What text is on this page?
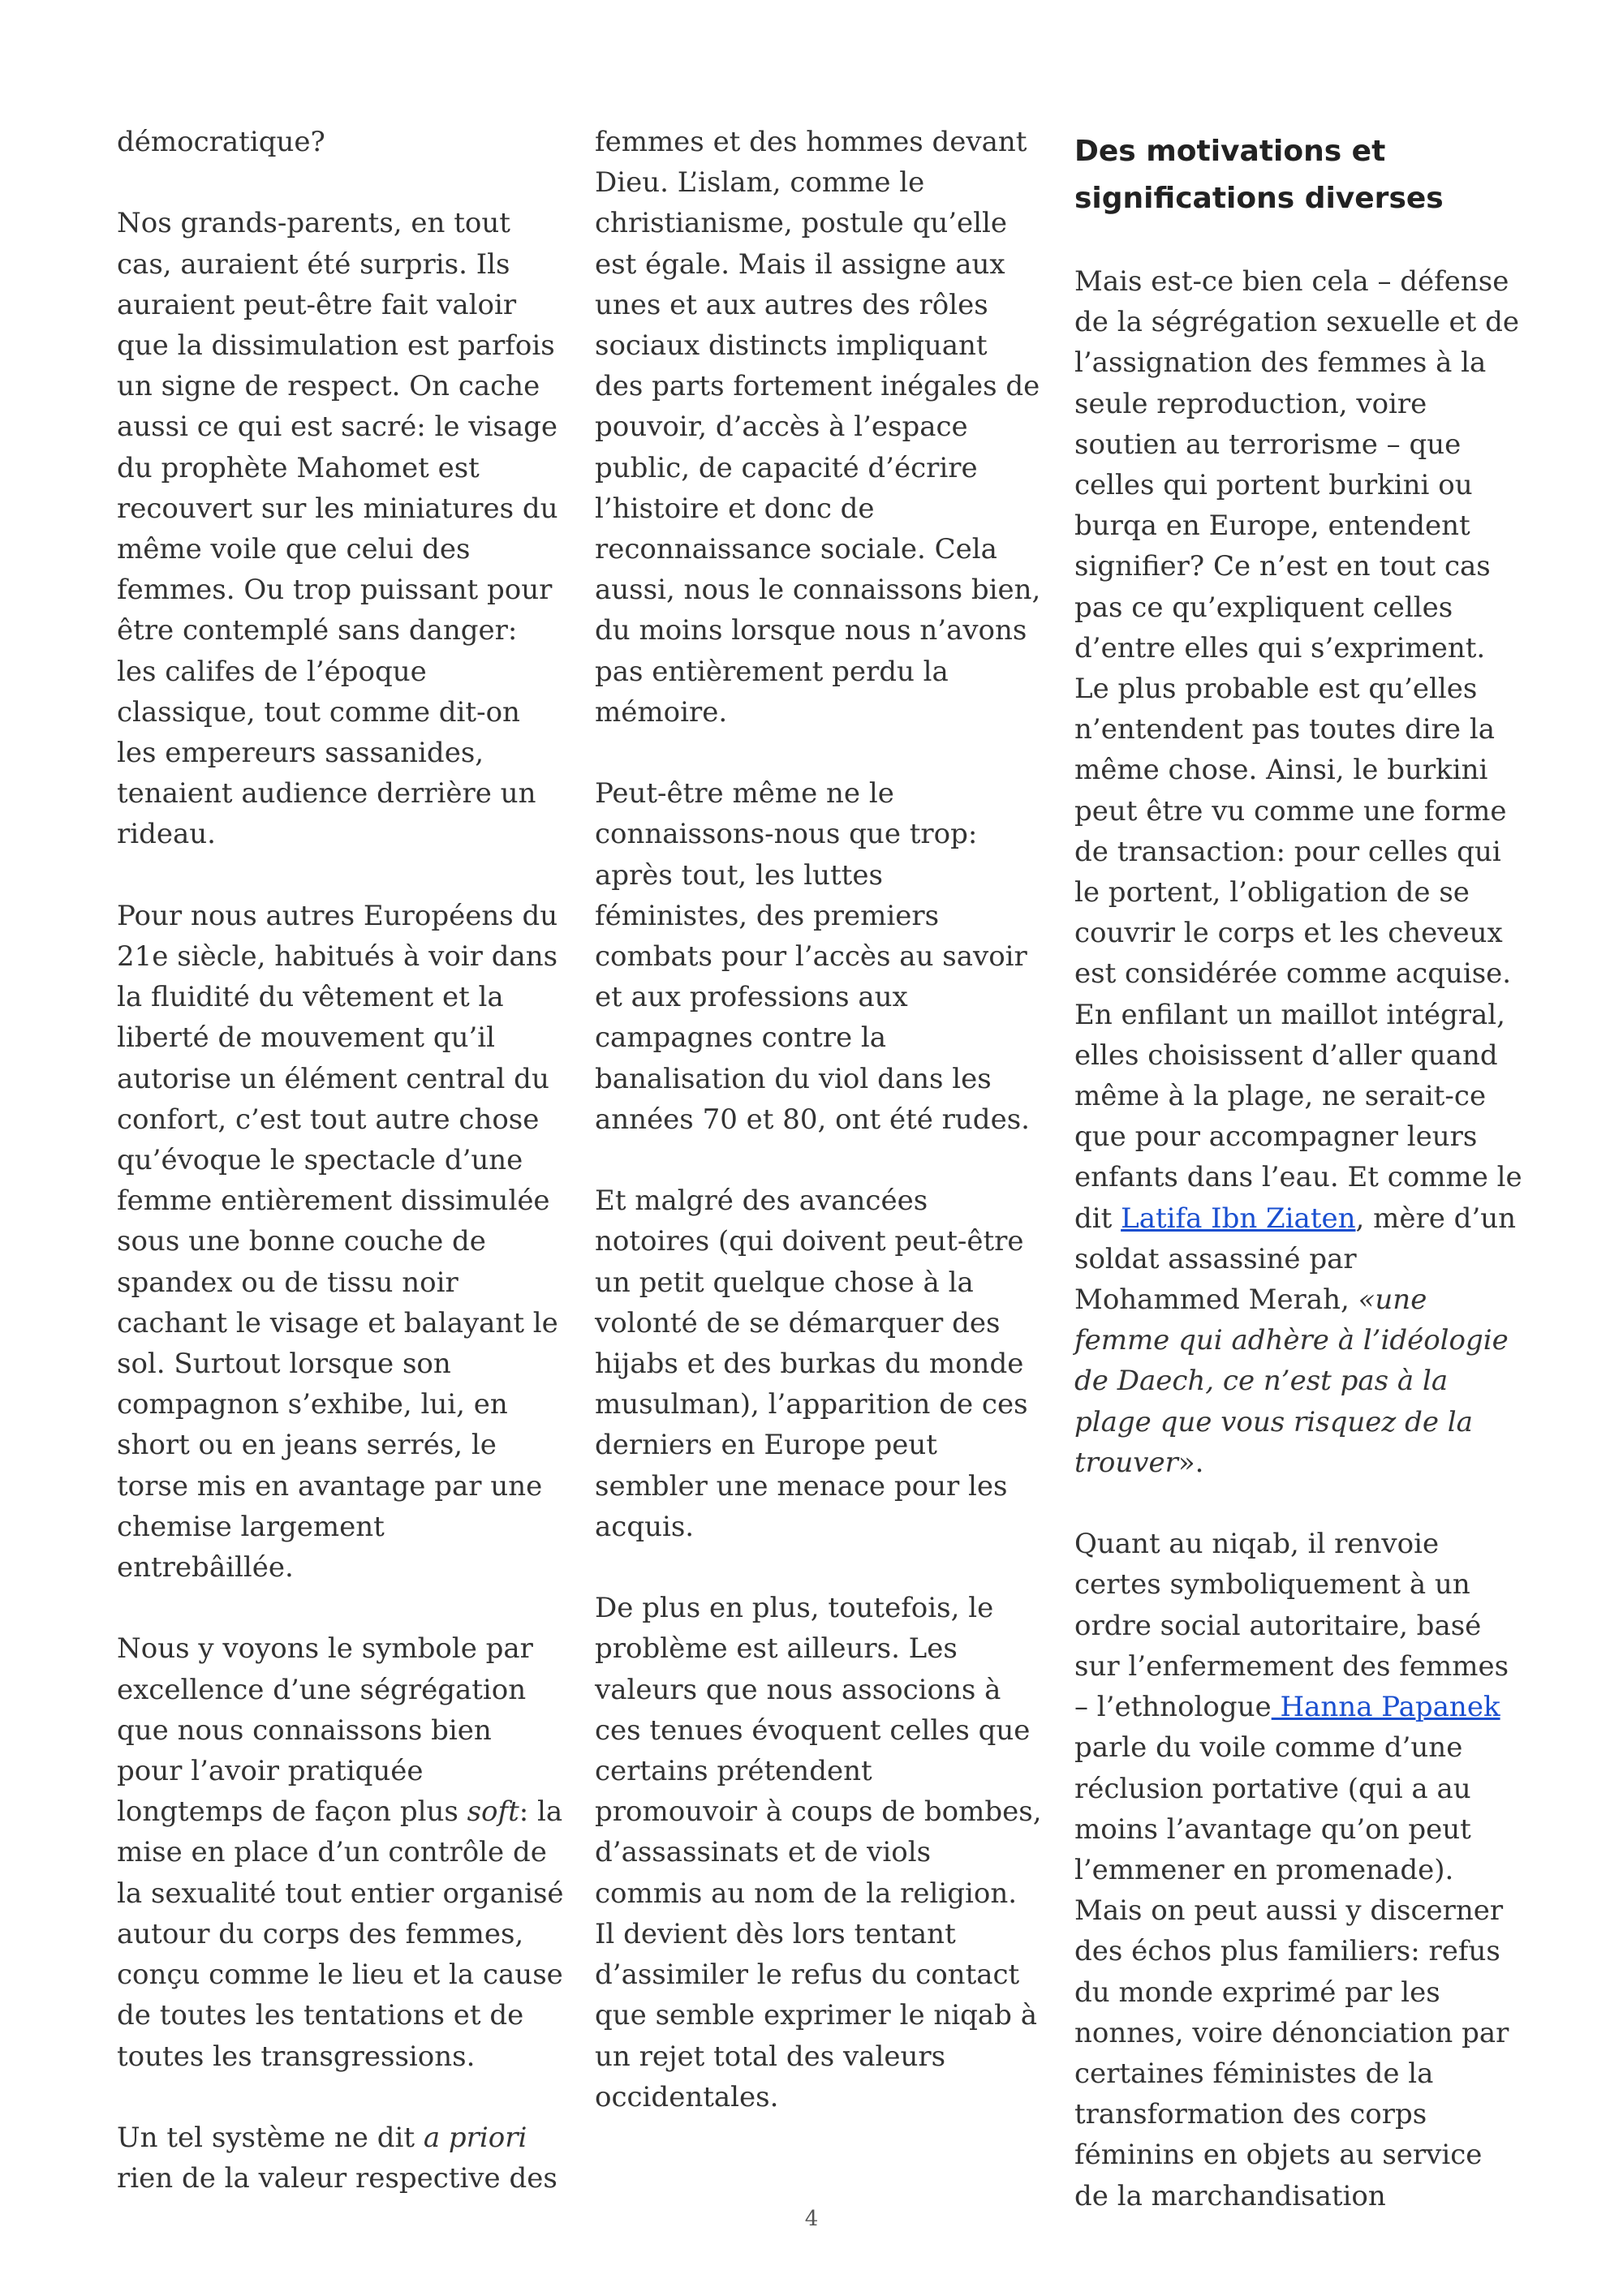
démocratique?

Nos grands-parents, en tout
cas, auraient été surpris. Ils
auraient peut-être fait valoir
que la dissimulation est parfois
un signe de respect. On cache
aussi ce qui est sacré: le visage
du prophète Mahomet est
recouvert sur les miniatures du
même voile que celui des
femmes. Ou trop puissant pour
être contemplé sans danger:
les califes de l’époque
classique, tout comme dit-on
les empereurs sassanides,
tenaient audience derrière un
rideau.

Pour nous autres Européens du
21e siècle, habitués à voir dans
la fluidité du vêtement et la
liberté de mouvement qu’il
autorise un élément central du
confort, c’est tout autre chose
qu’évoque le spectacle d’une
femme entièrement dissimulée
sous une bonne couche de
spandex ou de tissu noir
cachant le visage et balayant le
sol. Surtout lorsque son
compagnon s’exhibe, lui, en
short ou en jeans serrés, le
torse mis en avantage par une
chemise largement
entrebâillée.

Nous y voyons le symbole par
excellence d’une ségrégation
que nous connaissons bien
pour l’avoir pratiquée
longtemps de façon plus soft: la
mise en place d’un contrôle de
la sexualité tout entier organisé
autour du corps des femmes,
conçu comme le lieu et la cause
de toutes les tentations et de
toutes les transgressions.

Un tel système ne dit a priori
rien de la valeur respective des

femmes et des hommes devant
Dieu. L’islam, comme le
christianisme, postule qu’elle
est égale. Mais il assigne aux
unes et aux autres des rôles
sociaux distincts impliquant
des parts fortement inégales de
pouvoir, d’accès à l’espace
public, de capacité d’écrire
l’histoire et donc de
reconnaissance sociale. Cela
aussi, nous le connaissons bien,
du moins lorsque nous n’avons
pas entièrement perdu la
mémoire.

Peut-être même ne le
connaissons-nous que trop:
après tout, les luttes
féministes, des premiers
combats pour l’accès au savoir
et aux professions aux
campagnes contre la
banalisation du viol dans les
années 70 et 80, ont été rudes.

Et malgré des avancées
notoires (qui doivent peut-être
un petit quelque chose à la
volonté de se démarquer des
hijabs et des burkas du monde
musulman), l’apparition de ces
derniers en Europe peut
sembler une menace pour les
acquis.

De plus en plus, toutefois, le
problème est ailleurs. Les
valeurs que nous associons à
ces tenues évoquent celles que
certains prétendent
promouvoir à coups de bombes,
d’assassinats et de viols
commis au nom de la religion.
Il devient dès lors tentant
d’assimiler le refus du contact
que semble exprimer le niqab à
un rejet total des valeurs
occidentales.

Des motivations et
significations diverses

Mais est-ce bien cela – défense
de la ségrégation sexuelle et de
l’assignation des femmes à la
seule reproduction, voire
soutien au terrorisme – que
celles qui portent burkini ou
burqa en Europe, entendent
signifier? Ce n’est en tout cas
pas ce qu’expliquent celles
d’entre elles qui s’expriment.
Le plus probable est qu’elles
n’entendent pas toutes dire la
même chose. Ainsi, le burkini
peut être vu comme une forme
de transaction: pour celles qui
le portent, l’obligation de se
couvrir le corps et les cheveux
est considérée comme acquise.
En enfilant un maillot intégral,
elles choisissent d’aller quand
même à la plage, ne serait-ce
que pour accompagner leurs
enfants dans l’eau. Et comme le
dit Latifa Ibn Ziaten, mère d’un
soldat assassiné par
Mohammed Merah, «une
femme qui adhère à l’idéologie
de Daech, ce n’est pas à la
plage que vous risquez de la
trouver».

Quant au niqab, il renvoie
certes symboliquement à un
ordre social autoritaire, basé
sur l’enfermement des femmes
– l’ethnologue Hanna Papanek
parle du voile comme d’une
réclusion portative (qui a au
moins l’avantage qu’on peut
l’emmener en promenade).
Mais on peut aussi y discerner
des échos plus familiers: refus
du monde exprimé par les
nonnes, voire dénonciation par
certaines féministes de la
transformation des corps
féminins en objets au service
de la marchandisation

4
